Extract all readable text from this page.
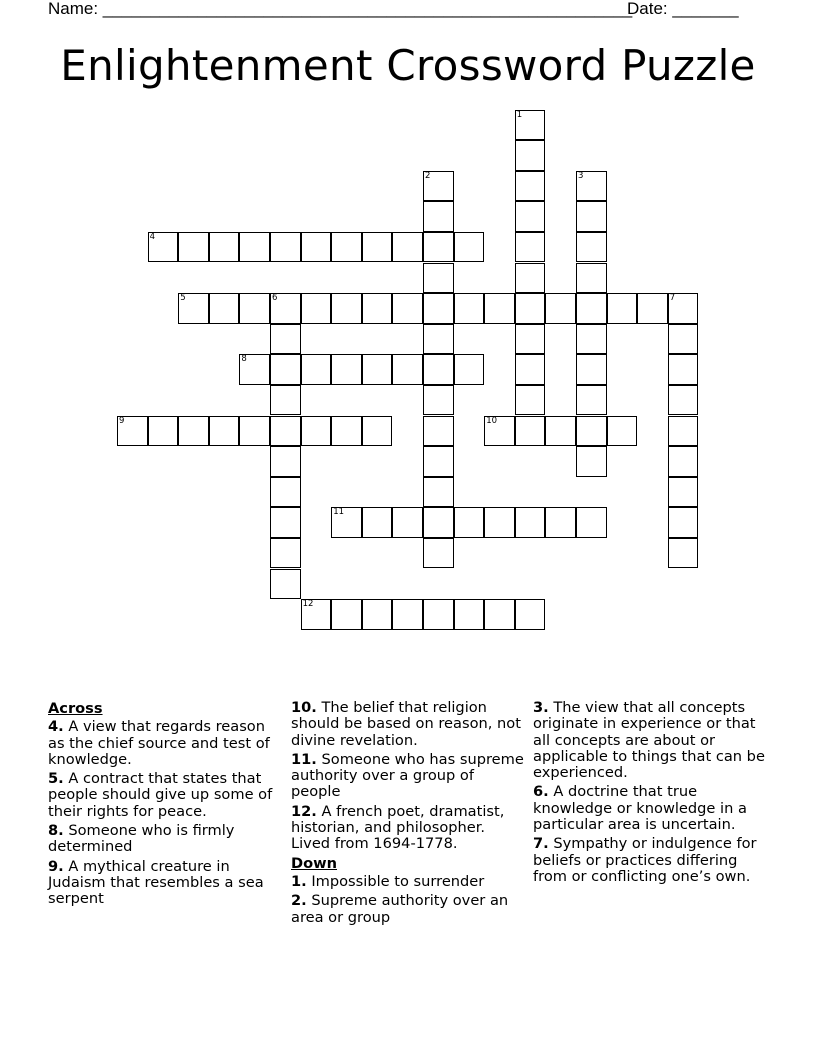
Name: ________________________________________________________
Date: _______
Enlightenment Crossword Puzzle
1
2	3
4
5	6	7
8
9	10
11
12
Across
4. A view that regards reason as the chief source and test of knowledge.
5. A contract that states that people should give up some of their rights for peace.
8. Someone who is firmly determined
9. A mythical creature in Judaism that resembles a sea serpent
10. The belief that religion should be based on reason, not divine revelation.
11. Someone who has supreme authority over a group of people
12. A french poet, dramatist, historian, and philosopher. Lived from 1694-1778.
Down
1. Impossible to surrender
2. Supreme authority over an area or group
3. The view that all concepts originate in experience or that all concepts are about or applicable to things that can be experienced.
6. A doctrine that true knowledge or knowledge in a particular area is uncertain.
7. Sympathy or indulgence for beliefs or practices differing from or conflicting one’s own.
